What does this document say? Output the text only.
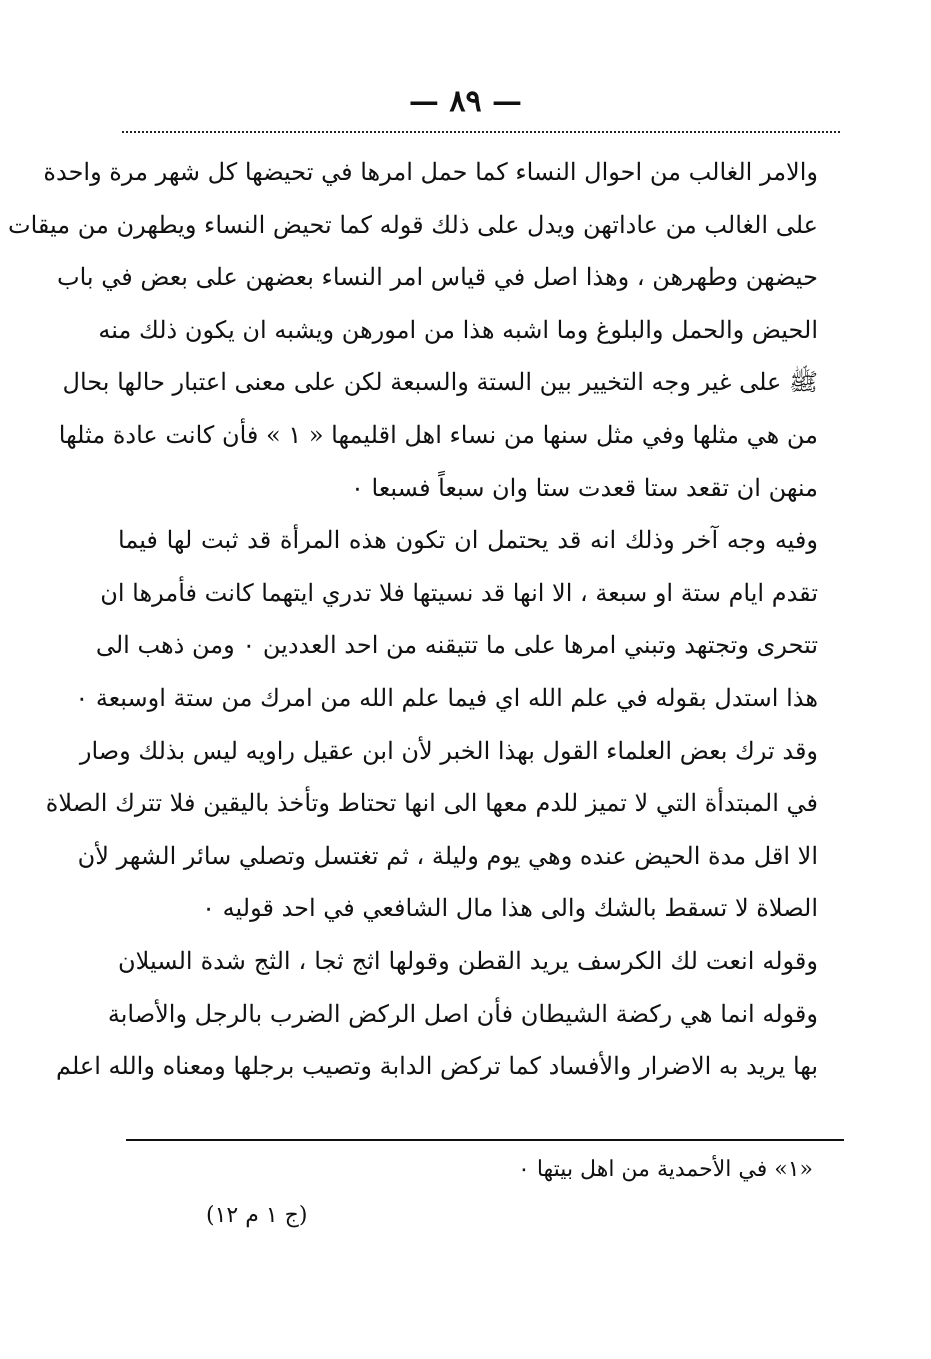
— ٨٩ —
والامر الغالب من احوال النساء كما حمل امرها في تحيضها كل شهر مرة واحدة
على الغالب من عاداتهن ويدل على ذلك قوله كما تحيض النساء ويطهرن من ميقات
حيضهن وطهرهن ، وهذا اصل في قياس امر النساء بعضهن على بعض في باب
الحيض والحمل والبلوغ وما اشبه هذا من امورهن ويشبه ان يكون ذلك منه
ﷺ على غير وجه التخيير بين الستة والسبعة لكن على معنى اعتبار حالها بحال
من هي مثلها وفي مثل سنها من نساء اهل اقليمها « ١ » فأن كانت عادة مثلها
منهن ان تقعد ستا قعدت ستا وان سبعاً فسبعا ٠
وفيه وجه آخر وذلك انه قد يحتمل ان تكون هذه المرأة قد ثبت لها فيما
تقدم ايام ستة او سبعة ، الا انها قد نسيتها فلا تدري ايتهما كانت فأمرها ان
تتحرى وتجتهد وتبني امرها على ما تتيقنه من احد العددين ٠ ومن ذهب الى
هذا استدل بقوله في علم الله اي فيما علم الله من امرك من ستة اوسبعة ٠
وقد ترك بعض العلماء القول بهذا الخبر لأن ابن عقيل راويه ليس بذلك وصار
في المبتدأة التي لا تميز للدم معها الى انها تحتاط وتأخذ باليقين فلا تترك الصلاة
الا اقل مدة الحيض عنده وهي يوم وليلة ، ثم تغتسل وتصلي سائر الشهر لأن
الصلاة لا تسقط بالشك والى هذا مال الشافعي في احد قوليه ٠
وقوله انعت لك الكرسف يريد القطن وقولها اثج ثجا ، الثج شدة السيلان
وقوله انما هي ركضة الشيطان فأن اصل الركض الضرب بالرجل والأصابة
بها يريد به الاضرار والأفساد كما تركض الدابة وتصيب برجلها ومعناه والله اعلم
«١» في الأحمدية من اهل بيتها ٠
(ج ١ م ١٢)
